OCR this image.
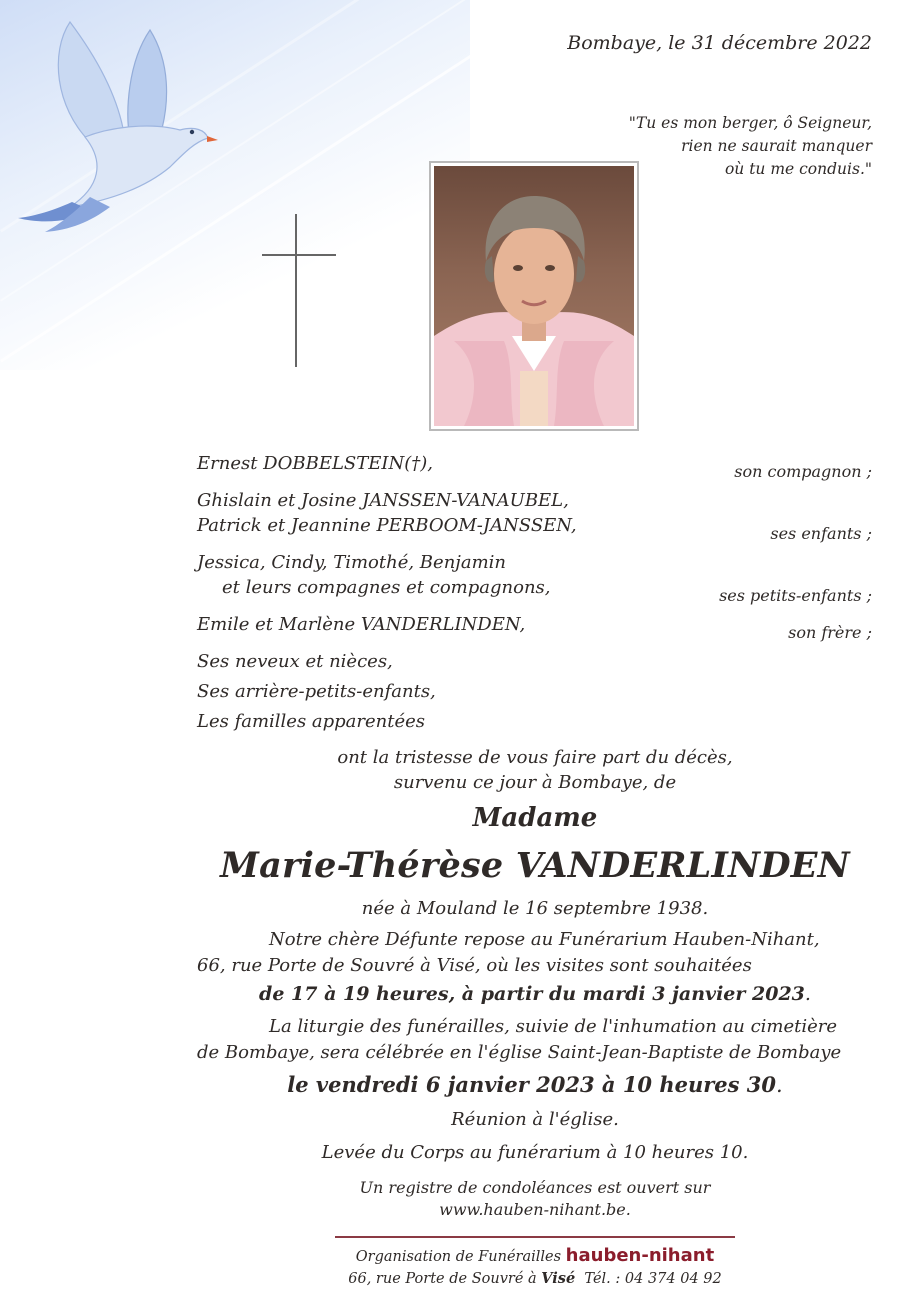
Bombaye, le 31 décembre 2022
"Tu es mon berger, ô Seigneur,
rien ne saurait manquer
où tu me conduis."
Ernest DOBBELSTEIN(†),	son compagnon ;
Ghislain et Josine JANSSEN-VANAUBEL,
Patrick et Jeannine PERBOOM-JANSSEN,	ses enfants ;
Jessica, Cindy, Timothé, Benjamin
et leurs compagnes et compagnons,	ses petits-enfants ;
Emile et Marlène VANDERLINDEN,	son frère ;
Ses neveux et nièces,
Ses arrière-petits-enfants,
Les familles apparentées
ont la tristesse de vous faire part du décès,
survenu ce jour à Bombaye, de
Madame
Marie-Thérèse VANDERLINDEN
née à Mouland le 16 septembre 1938.
Notre chère Défunte repose au Funérarium Hauben-Nihant,
66, rue Porte de Souvré à Visé, où les visites sont souhaitées
de 17 à 19 heures, à partir du mardi 3 janvier 2023.
La liturgie des funérailles, suivie de l'inhumation au cimetière
de Bombaye, sera célébrée en l'église Saint-Jean-Baptiste de Bombaye
le vendredi 6 janvier 2023 à 10 heures 30.
Réunion à l'église.
Levée du Corps au funérarium à 10 heures 10.
Un registre de condoléances est ouvert sur
www.hauben-nihant.be.
Organisation de Funérailles hauben-nihant
66, rue Porte de Souvré à Visé Tél. : 04 374 04 92
